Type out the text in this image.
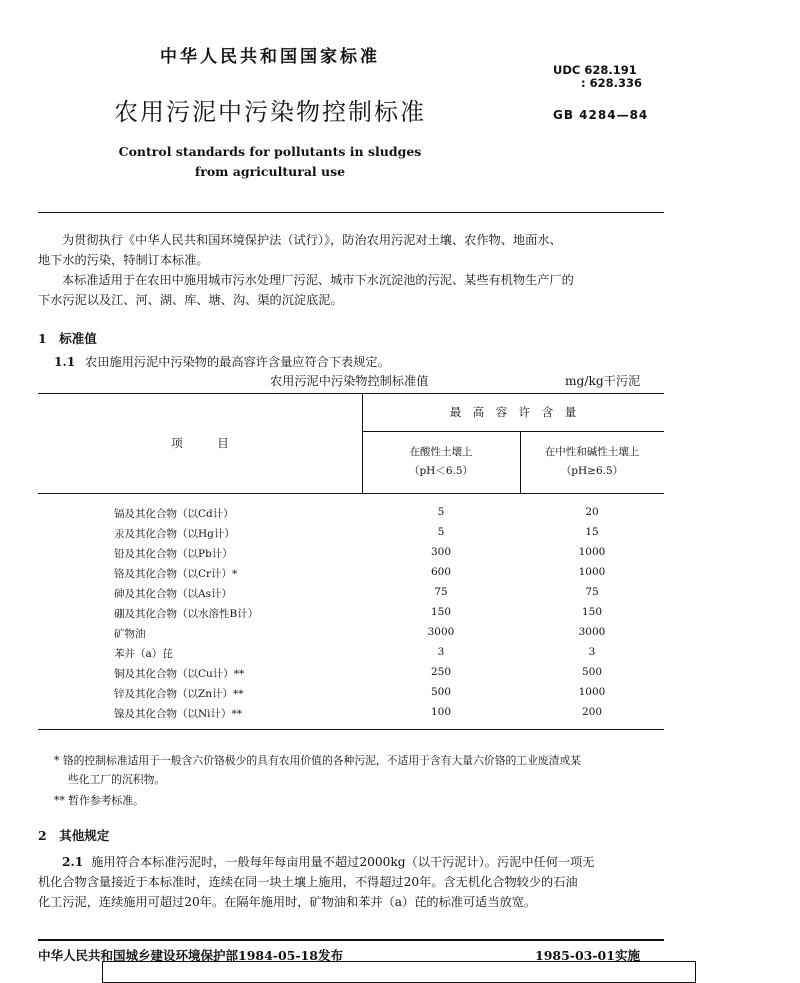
中华人民共和国国家标准
UDC 628.191
: 628.336
农用污泥中污染物控制标准	GB 4284—84
Control standards for pollutants in sludges
from agricultural use
为贯彻执行《中华人民共和国环境保护法（试行）》，防治农用污泥对土壤、农作物、地面水、
地下水的污染，特制订本标准。
本标准适用于在农田中施用城市污水处理厂污泥、城市下水沉淀池的污泥、某些有机物生产厂的
下水污泥以及江、河、湖、库、塘、沟、渠的沉淀底泥。
1　标准值
1.1 农田施用污泥中污染物的最高容许含量应符合下表规定。
农用污泥中污染物控制标准值	mg/kg干污泥
项　　　目
最　高　容　许　含　量
在酸性土壤上
（pH＜6.5）
在中性和碱性土壤上
（pH≥6.5）
镉及其化合物（以Cd计）	5	20
汞及其化合物（以Hg计）	5	15
铅及其化合物（以Pb计）	300	1000
铬及其化合物（以Cr计）*	600	1000
砷及其化合物（以As计）	75	75
硼及其化合物（以水溶性B计）	150	150
矿物油	3000	3000
苯并（a）芘	3	3
铜及其化合物（以Cu计）**	250	500
锌及其化合物（以Zn计）**	500	1000
镍及其化合物（以Ni计）**	100	200
* 铬的控制标准适用于一般含六价铬极少的具有农用价值的各种污泥，不适用于含有大量六价铬的工业废渣或某
些化工厂的沉积物。
** 暂作参考标准。
2　其他规定
2.1 施用符合本标准污泥时，一般每年每亩用量不超过2000kg（以干污泥计）。污泥中任何一项无
机化合物含量接近于本标准时，连续在同一块土壤上施用，不得超过20年。含无机化合物较少的石油
化工污泥，连续施用可超过20年。在隔年施用时，矿物油和苯并（a）芘的标准可适当放宽。
中华人民共和国城乡建设环境保护部1984-05-18发布	1985-03-01实施
